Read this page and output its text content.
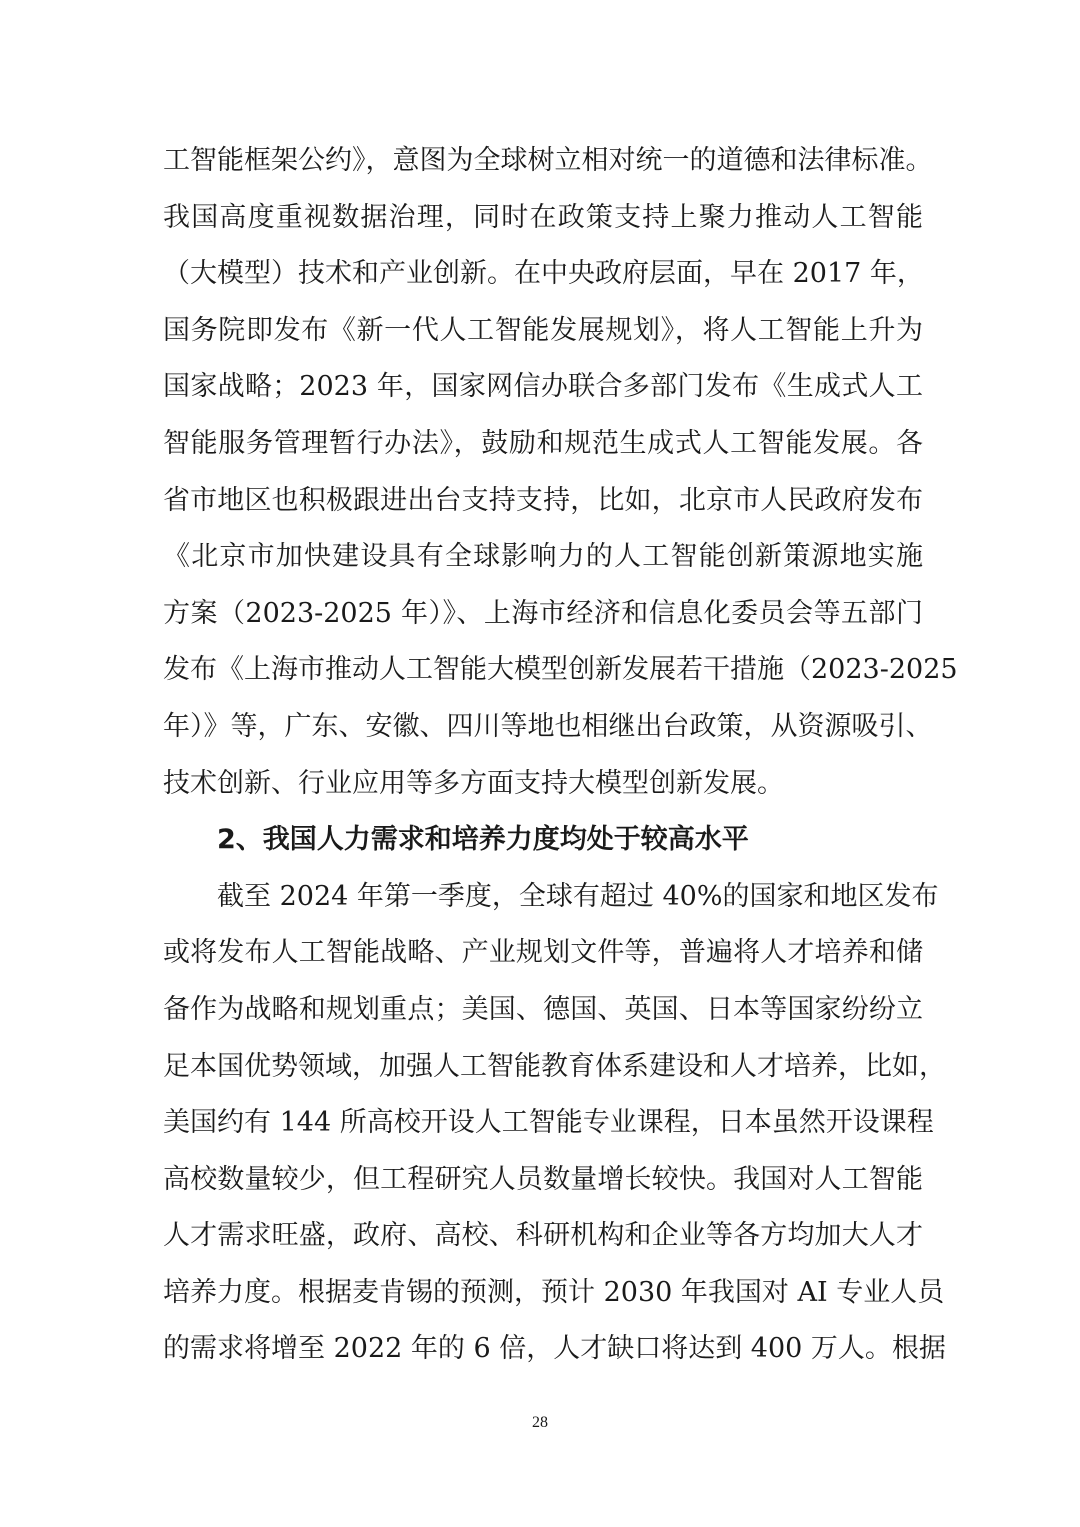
工智能框架公约》，意图为全球树立相对统一的道德和法律标准。
我国高度重视数据治理，同时在政策支持上聚力推动人工智能
（大模型）技术和产业创新。在中央政府层面，早在 2017 年，
国务院即发布《新一代人工智能发展规划》，将人工智能上升为
国家战略；2023 年，国家网信办联合多部门发布《生成式人工
智能服务管理暂行办法》，鼓励和规范生成式人工智能发展。各
省市地区也积极跟进出台支持支持，比如，北京市人民政府发布
《北京市加快建设具有全球影响力的人工智能创新策源地实施
方案（2023-2025 年）》、上海市经济和信息化委员会等五部门
发布《上海市推动人工智能大模型创新发展若干措施（2023-2025
年）》等，广东、安徽、四川等地也相继出台政策，从资源吸引、
技术创新、行业应用等多方面支持大模型创新发展。
2、我国人力需求和培养力度均处于较高水平
截至 2024 年第一季度，全球有超过 40%的国家和地区发布
或将发布人工智能战略、产业规划文件等，普遍将人才培养和储
备作为战略和规划重点；美国、德国、英国、日本等国家纷纷立
足本国优势领域，加强人工智能教育体系建设和人才培养，比如，
美国约有 144 所高校开设人工智能专业课程，日本虽然开设课程
高校数量较少，但工程研究人员数量增长较快。我国对人工智能
人才需求旺盛，政府、高校、科研机构和企业等各方均加大人才
培养力度。根据麦肯锡的预测，预计 2030 年我国对 AI 专业人员
的需求将增至 2022 年的 6 倍，人才缺口将达到 400 万人。根据
28
